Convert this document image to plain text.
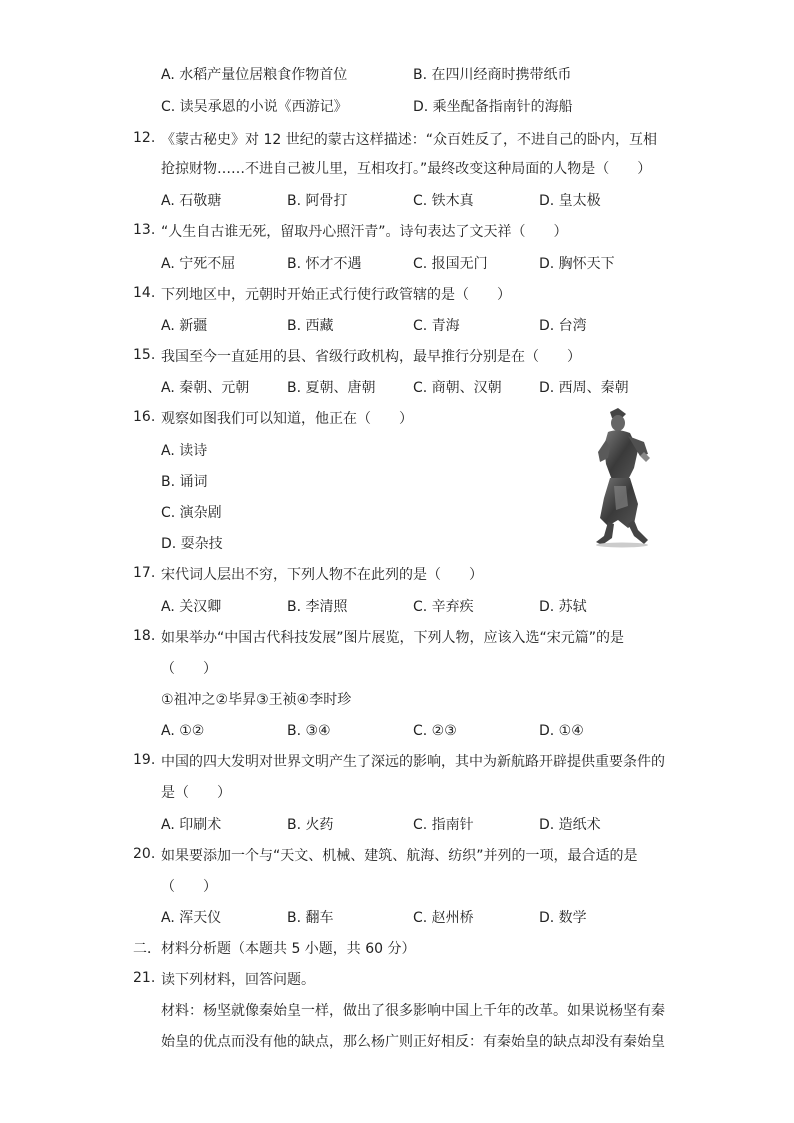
A. 水稻产量位居粮食作物首位	B. 在四川经商时携带纸币
C. 读吴承恩的小说《西游记》	D. 乘坐配备指南针的海船
12. 《蒙古秘史》对 12 世纪的蒙古这样描述：“众百姓反了，不进自己的卧内，互相
抢掠财物……不进自己被儿里，互相攻打。”最终改变这种局面的人物是（　　）
A. 石敬瑭	B. 阿骨打	C. 铁木真	D. 皇太极
13. “人生自古谁无死，留取丹心照汗青”。诗句表达了文天祥（　　）
A. 宁死不屈	B. 怀才不遇	C. 报国无门	D. 胸怀天下
14. 下列地区中，元朝时开始正式行使行政管辖的是（　　）
A. 新疆	B. 西藏	C. 青海	D. 台湾
15. 我国至今一直延用的县、省级行政机构，最早推行分别是在（　　）
A. 秦朝、元朝	B. 夏朝、唐朝	C. 商朝、汉朝	D. 西周、秦朝
16. 观察如图我们可以知道，他正在（　　）
A. 读诗
B. 诵词
C. 演杂剧
D. 耍杂技
17. 宋代词人层出不穷，下列人物不在此列的是（　　）
A. 关汉卿	B. 李清照	C. 辛弃疾	D. 苏轼
18. 如果举办“中国古代科技发展”图片展览，下列人物，应该入选“宋元篇”的是
（　　）
①祖冲之②毕昇③王祯④李时珍
A. ①②	B. ③④	C. ②③	D. ①④
19. 中国的四大发明对世界文明产生了深远的影响，其中为新航路开辟提供重要条件的
是（　　）
A. 印刷术	B. 火药	C. 指南针	D. 造纸术
20. 如果要添加一个与“天文、机械、建筑、航海、纺织”并列的一项，最合适的是
（　　）
A. 浑天仪	B. 翻车	C. 赵州桥	D. 数学
二．材料分析题（本题共 5 小题，共 60 分）
21. 读下列材料，回答问题。
材料：杨坚就像秦始皇一样，做出了很多影响中国上千年的改革。如果说杨坚有秦
始皇的优点而没有他的缺点，那么杨广则正好相反：有秦始皇的缺点却没有秦始皇
